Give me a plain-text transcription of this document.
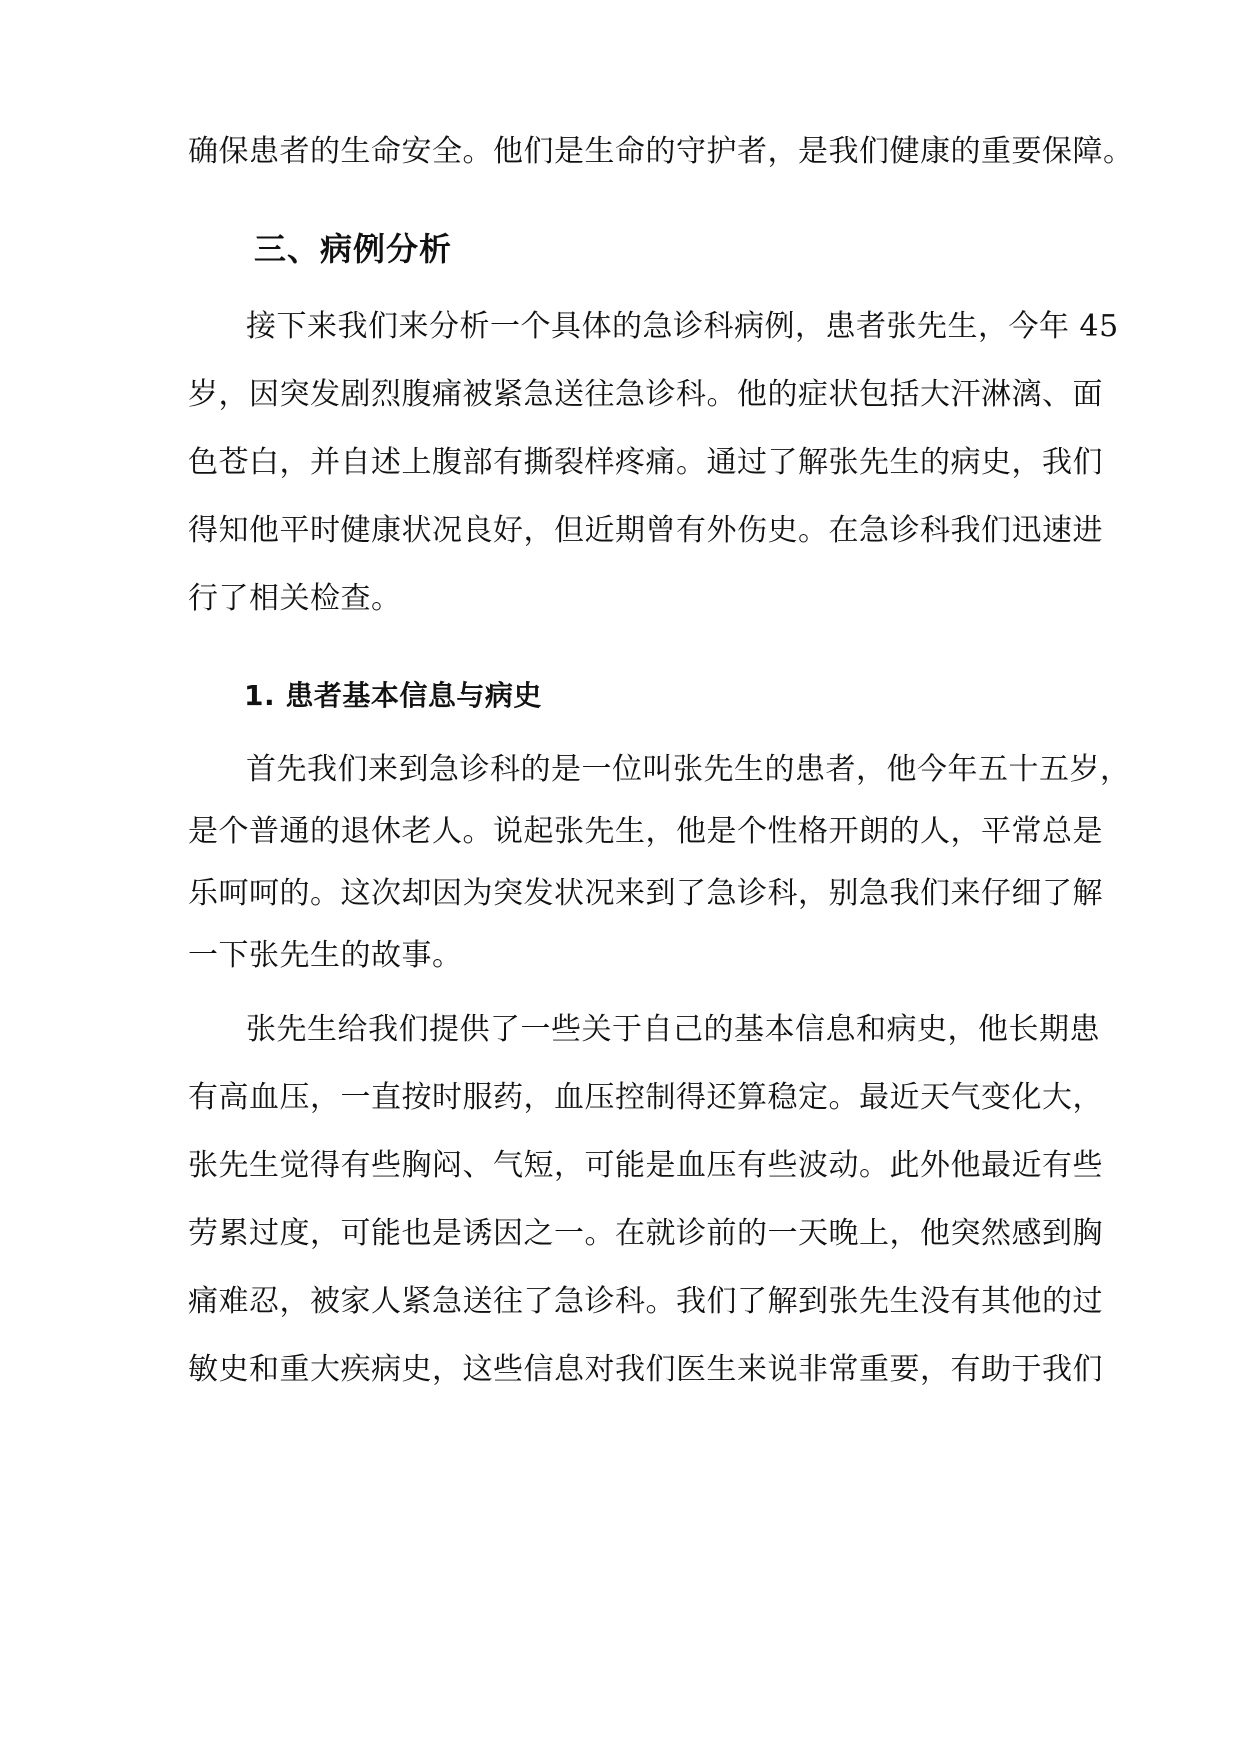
确保患者的生命安全。他们是生命的守护者，是我们健康的重要保障。
三、病例分析
接下来我们来分析一个具体的急诊科病例，患者张先生，今年 45
岁，因突发剧烈腹痛被紧急送往急诊科。他的症状包括大汗淋漓、面
色苍白，并自述上腹部有撕裂样疼痛。通过了解张先生的病史，我们
得知他平时健康状况良好，但近期曾有外伤史。在急诊科我们迅速进
行了相关检查。
1. 患者基本信息与病史
首先我们来到急诊科的是一位叫张先生的患者，他今年五十五岁，
是个普通的退休老人。说起张先生，他是个性格开朗的人，平常总是
乐呵呵的。这次却因为突发状况来到了急诊科，别急我们来仔细了解
一下张先生的故事。
张先生给我们提供了一些关于自己的基本信息和病史，他长期患
有高血压，一直按时服药，血压控制得还算稳定。最近天气变化大，
张先生觉得有些胸闷、气短，可能是血压有些波动。此外他最近有些
劳累过度，可能也是诱因之一。在就诊前的一天晚上，他突然感到胸
痛难忍，被家人紧急送往了急诊科。我们了解到张先生没有其他的过
敏史和重大疾病史，这些信息对我们医生来说非常重要，有助于我们
